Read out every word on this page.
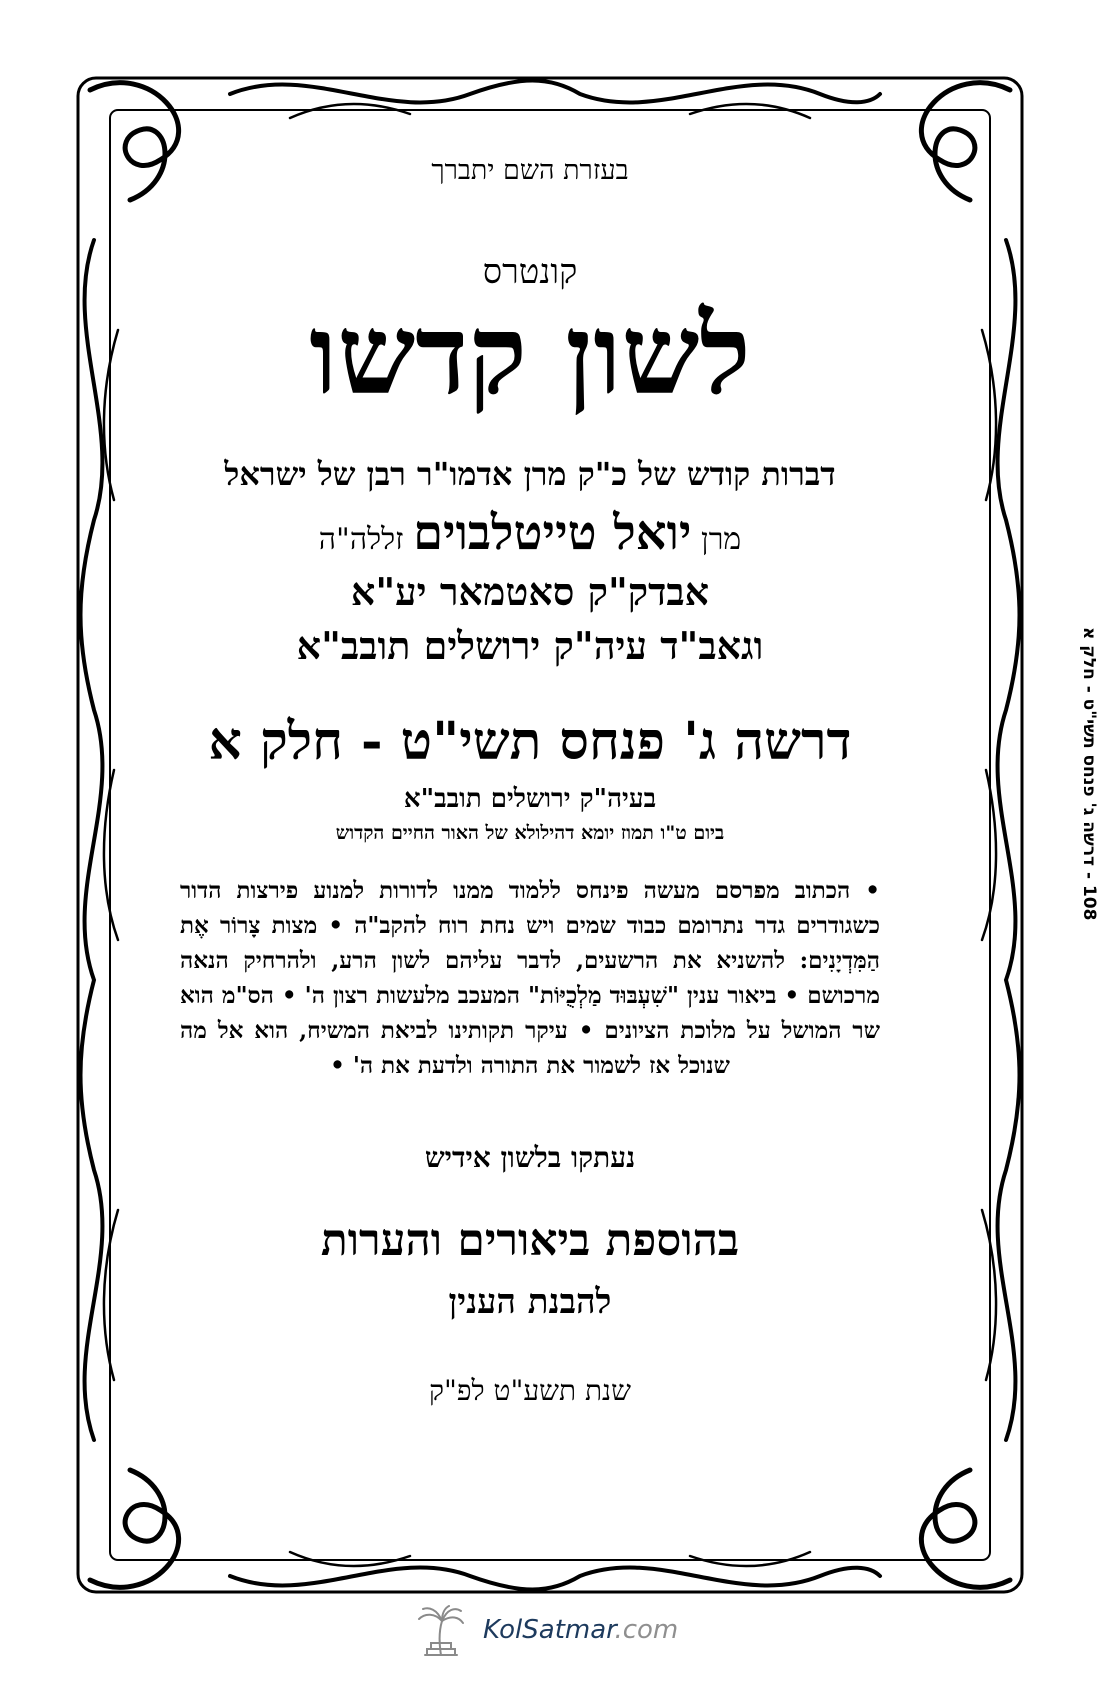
בעזרת השם יתברך
קונטרס
לשון קדשו
דברות קודש של כ"ק מרן אדמו"ר רבן של ישראל
מרן יואל טייטלבוים זללה"ה
אבדק"ק סאטמאר יע"א
וגאב"ד עיה"ק ירושלים תובב"א
דרשה ג' פנחס תשי"ט - חלק א
בעיה"ק ירושלים תובב"א
ביום ט"ו תמוז יומא דהילולא של האור החיים הקדוש
• הכתוב מפרסם מעשה פינחס ללמוד ממנו לדורות למנוע פירצות הדור כשגודרים גדר נתרומם כבוד שמים ויש נחת רוח להקב"ה • מצות צָרוֹר אֶת הַמִּדְיָנִים: להשניא את הרשעים, לדבר עליהם לשון הרע, ולהרחיק הנאה מרכושם • ביאור ענין "שִׁעְבּוּד מַלְכֻיּוֹת" המעכב מלעשות רצון ה' • הס"מ הוא שר המושל על מלוכת הציונים • עיקר תקותינו לביאת המשיח, הוא אל מה שנוכל אז לשמור את התורה ולדעת את ה' •
נעתקו בלשון אידיש
בהוספת ביאורים והערות
להבנת הענין
שנת תשע"ט לפ"ק
108 - דרשה ג' פנחס תשי"ט - חלק א
KolSatmar.com
